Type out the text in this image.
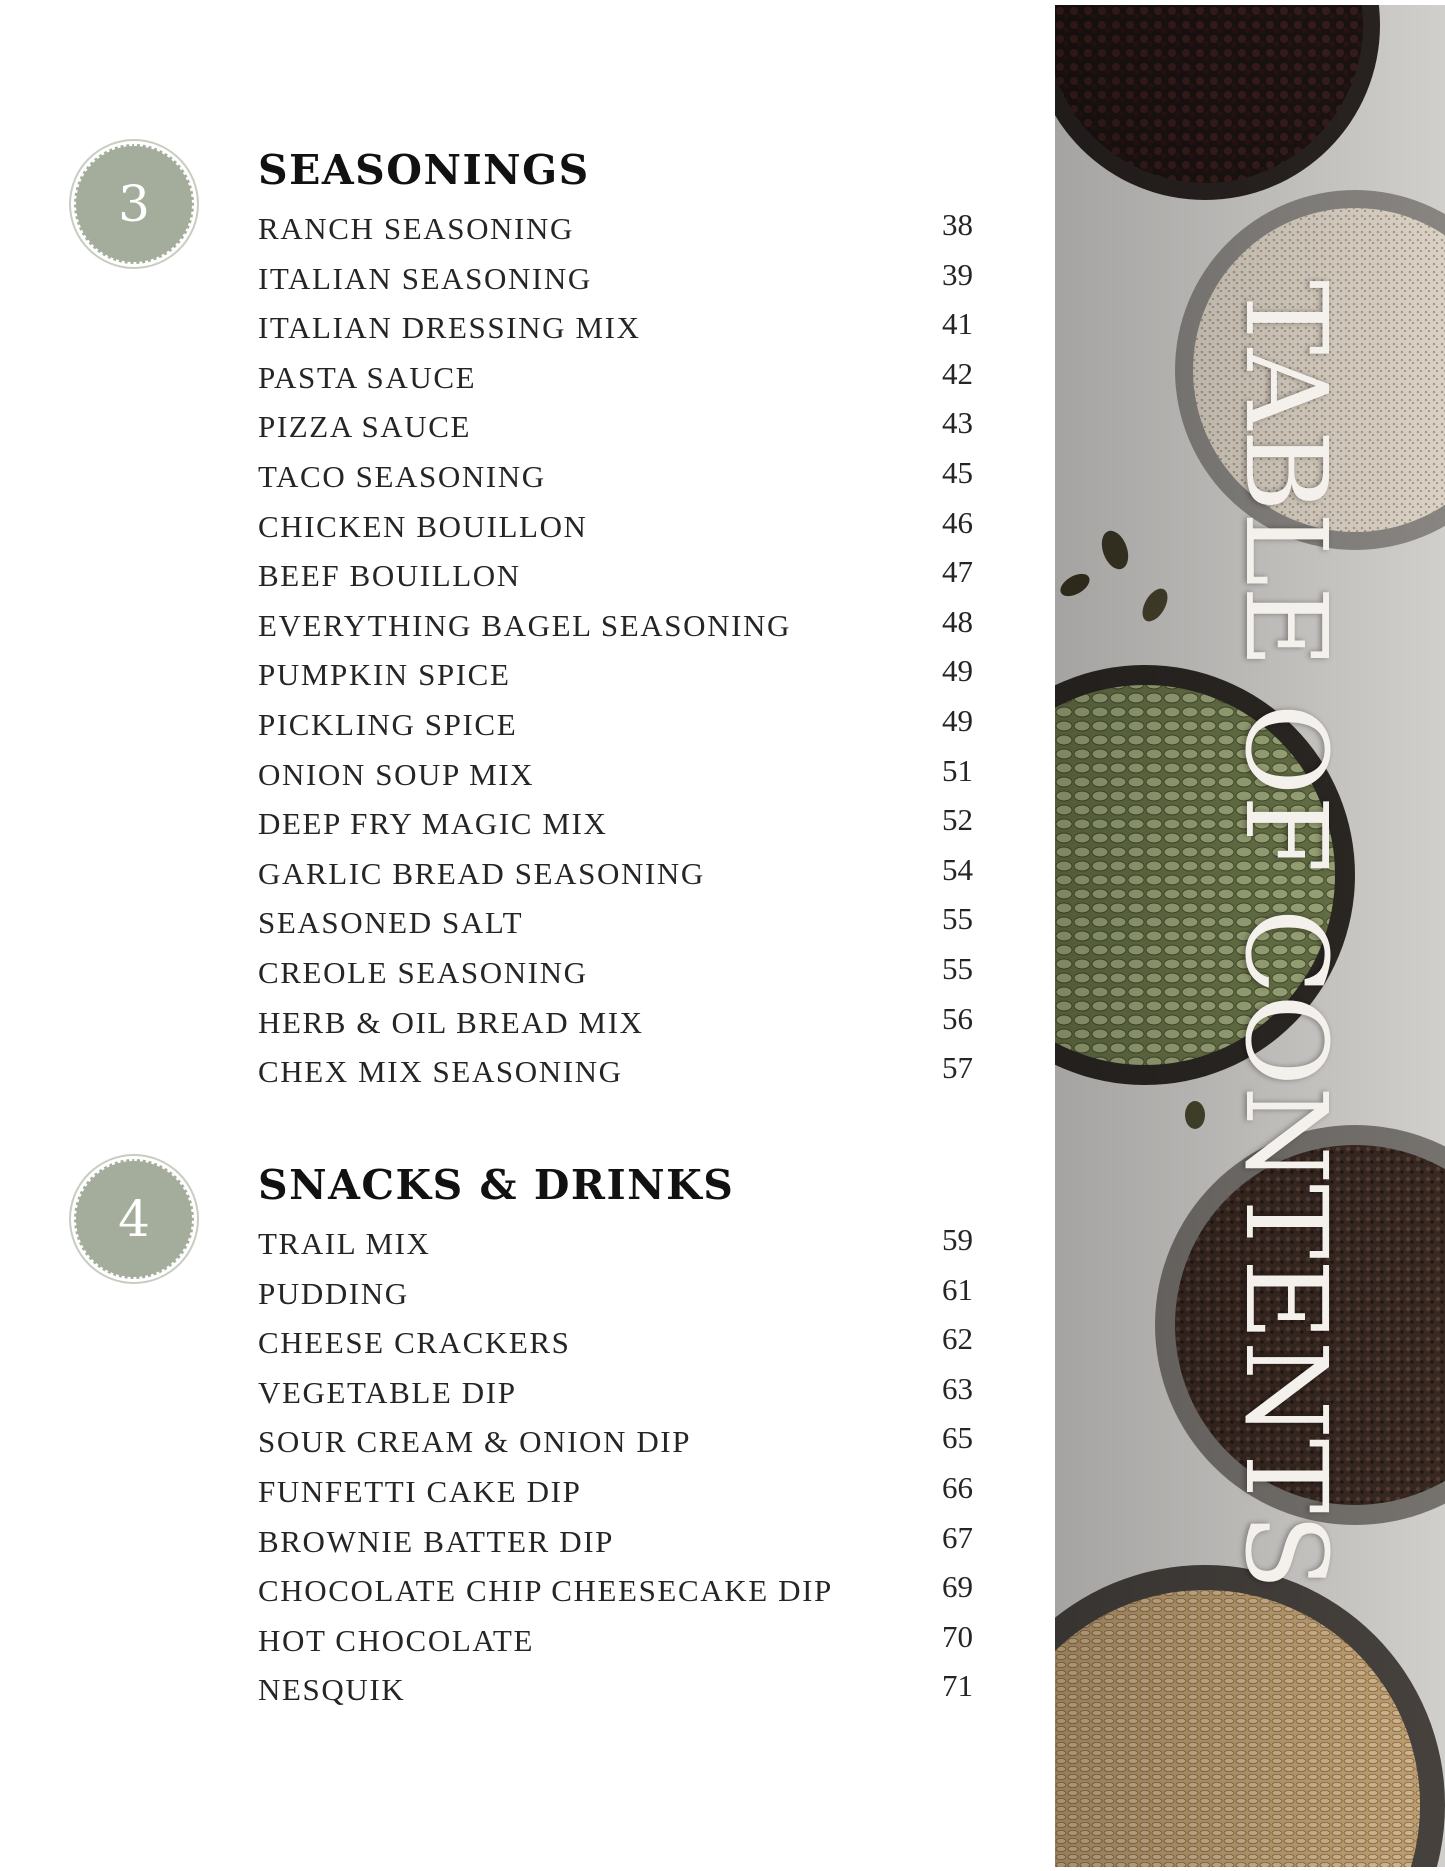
3
SEASONINGS
RANCH SEASONING	38
ITALIAN SEASONING	39
ITALIAN DRESSING MIX	41
PASTA SAUCE	42
PIZZA SAUCE	43
TACO SEASONING	45
CHICKEN BOUILLON	46
BEEF BOUILLON	47
EVERYTHING BAGEL SEASONING	48
PUMPKIN SPICE	49
PICKLING SPICE	49
ONION SOUP MIX	51
DEEP FRY MAGIC MIX	52
GARLIC BREAD SEASONING	54
SEASONED SALT	55
CREOLE SEASONING	55
HERB & OIL BREAD MIX	56
CHEX MIX SEASONING	57
4
SNACKS & DRINKS
TRAIL MIX	59
PUDDING	61
CHEESE CRACKERS	62
VEGETABLE DIP	63
SOUR CREAM & ONION DIP	65
FUNFETTI CAKE DIP	66
BROWNIE BATTER DIP	67
CHOCOLATE CHIP CHEESECAKE DIP	69
HOT CHOCOLATE	70
NESQUIK	71
TABLE OF CONTENTS
